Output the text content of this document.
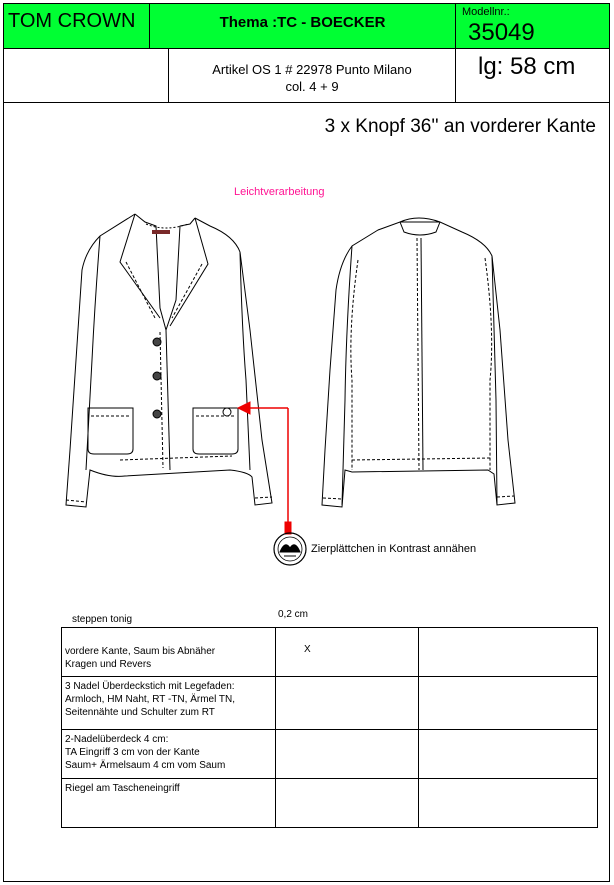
TOM CROWN	Thema :TC - BOECKER
Modellnr.:
35049
Artikel OS 1 # 22978 Punto Milano
col. 4 + 9
lg: 58 cm
3 x Knopf 36'' an vorderer Kante
Leichtverarbeitung
Zierplättchen in Kontrast annähen
steppen tonig	0,2 cm
vordere Kante, Saum bis Abnäher
Kragen und Revers	X	

3 Nadel Überdeckstich mit Legefaden:
Armloch, HM Naht, RT -TN, Ärmel TN,
Seitennähte und Schulter zum RT		

2-Nadelüberdeck 4 cm:
TA Eingriff 3 cm von der Kante
Saum+ Ärmelsaum 4 cm vom Saum		

Riegel am Tascheneingriff		
